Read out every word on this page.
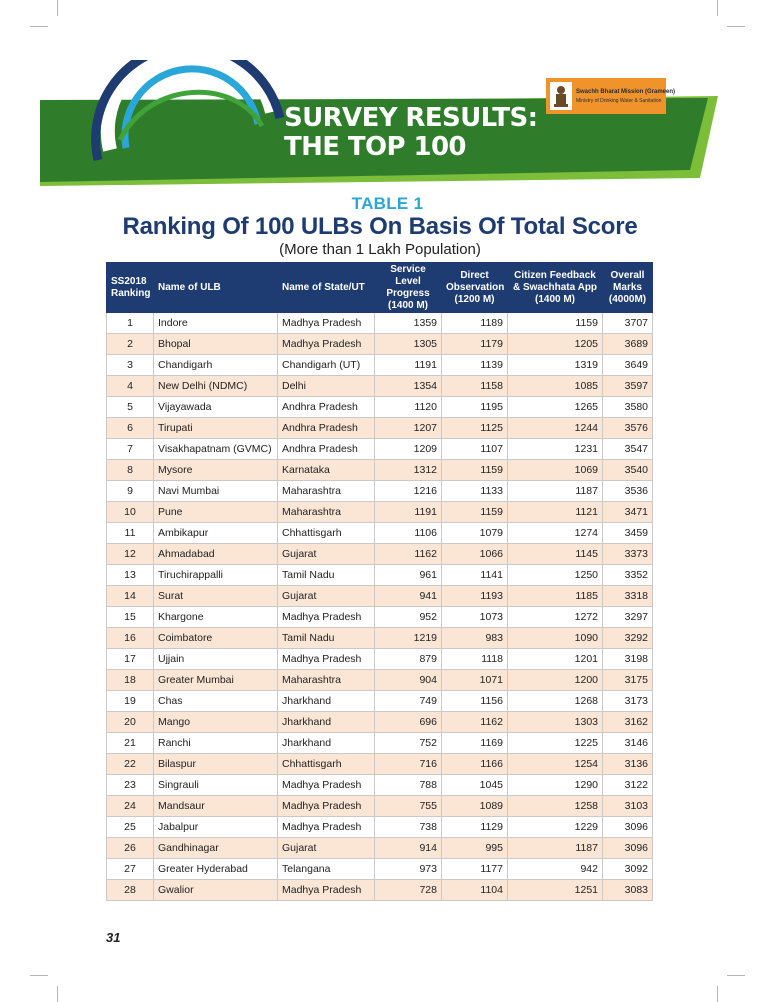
SURVEY RESULTS:
THE TOP 100
Swachh Bharat Mission (Grameen)
Ministry of Drinking Water & Sanitation
TABLE 1
Ranking Of 100 ULBs On Basis Of Total Score
(More than 1 Lakh Population)
SS2018
Ranking	Name of ULB	Name of State/UT	Service Level
Progress
(1400 M)	Direct
Observation
(1200 M)	Citizen Feedback
& Swachhata App
(1400 M)	Overall
Marks
(4000M)
1	Indore	Madhya Pradesh	1359	1189	1159	3707
2	Bhopal	Madhya Pradesh	1305	1179	1205	3689
3	Chandigarh	Chandigarh (UT)	1191	1139	1319	3649
4	New Delhi (NDMC)	Delhi	1354	1158	1085	3597
5	Vijayawada	Andhra Pradesh	1120	1195	1265	3580
6	Tirupati	Andhra Pradesh	1207	1125	1244	3576
7	Visakhapatnam (GVMC)	Andhra Pradesh	1209	1107	1231	3547
8	Mysore	Karnataka	1312	1159	1069	3540
9	Navi Mumbai	Maharashtra	1216	1133	1187	3536
10	Pune	Maharashtra	1191	1159	1121	3471
11	Ambikapur	Chhattisgarh	1106	1079	1274	3459
12	Ahmadabad	Gujarat	1162	1066	1145	3373
13	Tiruchirappalli	Tamil Nadu	961	1141	1250	3352
14	Surat	Gujarat	941	1193	1185	3318
15	Khargone	Madhya Pradesh	952	1073	1272	3297
16	Coimbatore	Tamil Nadu	1219	983	1090	3292
17	Ujjain	Madhya Pradesh	879	1118	1201	3198
18	Greater Mumbai	Maharashtra	904	1071	1200	3175
19	Chas	Jharkhand	749	1156	1268	3173
20	Mango	Jharkhand	696	1162	1303	3162
21	Ranchi	Jharkhand	752	1169	1225	3146
22	Bilaspur	Chhattisgarh	716	1166	1254	3136
23	Singrauli	Madhya Pradesh	788	1045	1290	3122
24	Mandsaur	Madhya Pradesh	755	1089	1258	3103
25	Jabalpur	Madhya Pradesh	738	1129	1229	3096
26	Gandhinagar	Gujarat	914	995	1187	3096
27	Greater Hyderabad	Telangana	973	1177	942	3092
28	Gwalior	Madhya Pradesh	728	1104	1251	3083
31
